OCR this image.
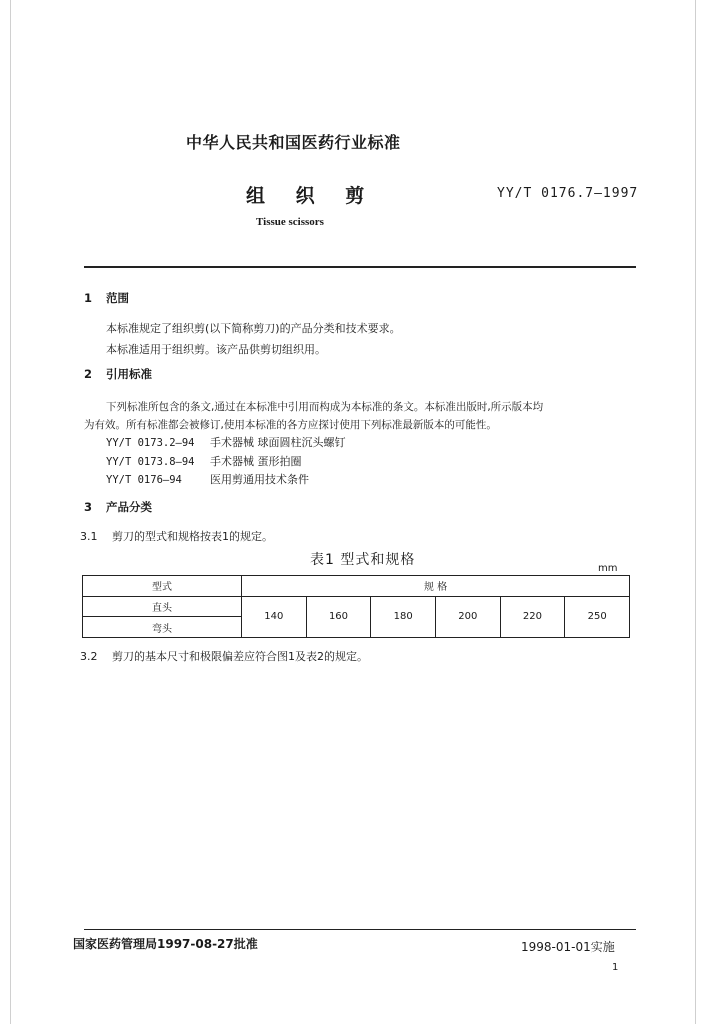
中华人民共和国医药行业标准
组 织 剪	YY/T 0176.7—1997
Tissue scissors
1 范围
本标准规定了组织剪(以下简称剪刀)的产品分类和技术要求。
本标准适用于组织剪。该产品供剪切组织用。
2 引用标准
下列标准所包含的条文,通过在本标准中引用而构成为本标准的条文。本标准出版时,所示版本均
为有效。所有标准都会被修订,使用本标准的各方应探讨使用下列标准最新版本的可能性。
YY/T 0173.2—94 手术器械 球面圆柱沉头螺钉
YY/T 0173.8—94 手术器械 蛋形拍圈
YY/T 0176—94	医用剪通用技术条件
3 产品分类
3.1 剪刀的型式和规格按表1的规定。
表1 型式和规格
mm
型式	规 格					
直头	140	160	180	200	220	250
弯头						
3.2 剪刀的基本尺寸和极限偏差应符合图1及表2的规定。
国家医药管理局1997-08-27批准	1998-01-01实施
1
